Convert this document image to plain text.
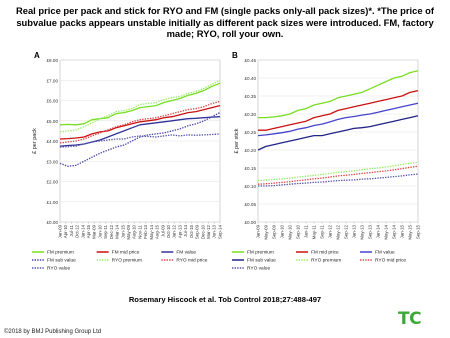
Real price per pack and stick for RYO and FM (single packs only-all pack sizes)*. *The price of subvalue packs appears unstable initially as different pack sizes were introduced. FM, factory made; RYO, roll your own.
A
£0.00
£1.00
£2.00
£3.00
£4.00
£5.00
£6.00
£7.00
£8.00
£ per pack
Jan-09 Apr-10 Jul-11 Oct-12 Jan-14 Apr-15 Mar-09 Jun-10 Sep-11 Dec-12 Mar-14 Jun-15 May-09 Aug-10 Nov-11 Feb-13 May-14 Aug-15 Jul-09 Oct-10 Jan-12 Apr-13 Jul-14 Oct-15 Sep-09 Dec-10 Mar-12 Jun-13 Sep-14
FM premium	FM mid price	FM value
FM sub value	RYO premium	RYO mid price
RYO value
B
£0.00
£0.05
£0.10
£0.15
£0.20
£0.25
£0.30
£0.35
£0.40
£0.45
£ per stick
Jan-09 May-09 Sep-09 Jan-10 May-10 Sep-10 Jan-11 May-11 Sep-11 Jan-12 May-12 Sep-12 Jan-13 May-13 Sep-13 Jan-14 May-14 Sep-14 Jan-15 May-15 Sep-15
FM premium	FM mid price	FM value
FM sub value	RYO premium	RYO mid price
RYO value
Rosemary Hiscock et al. Tob Control 2018;27:488-497
©2018 by BMJ Publishing Group Ltd
TC
